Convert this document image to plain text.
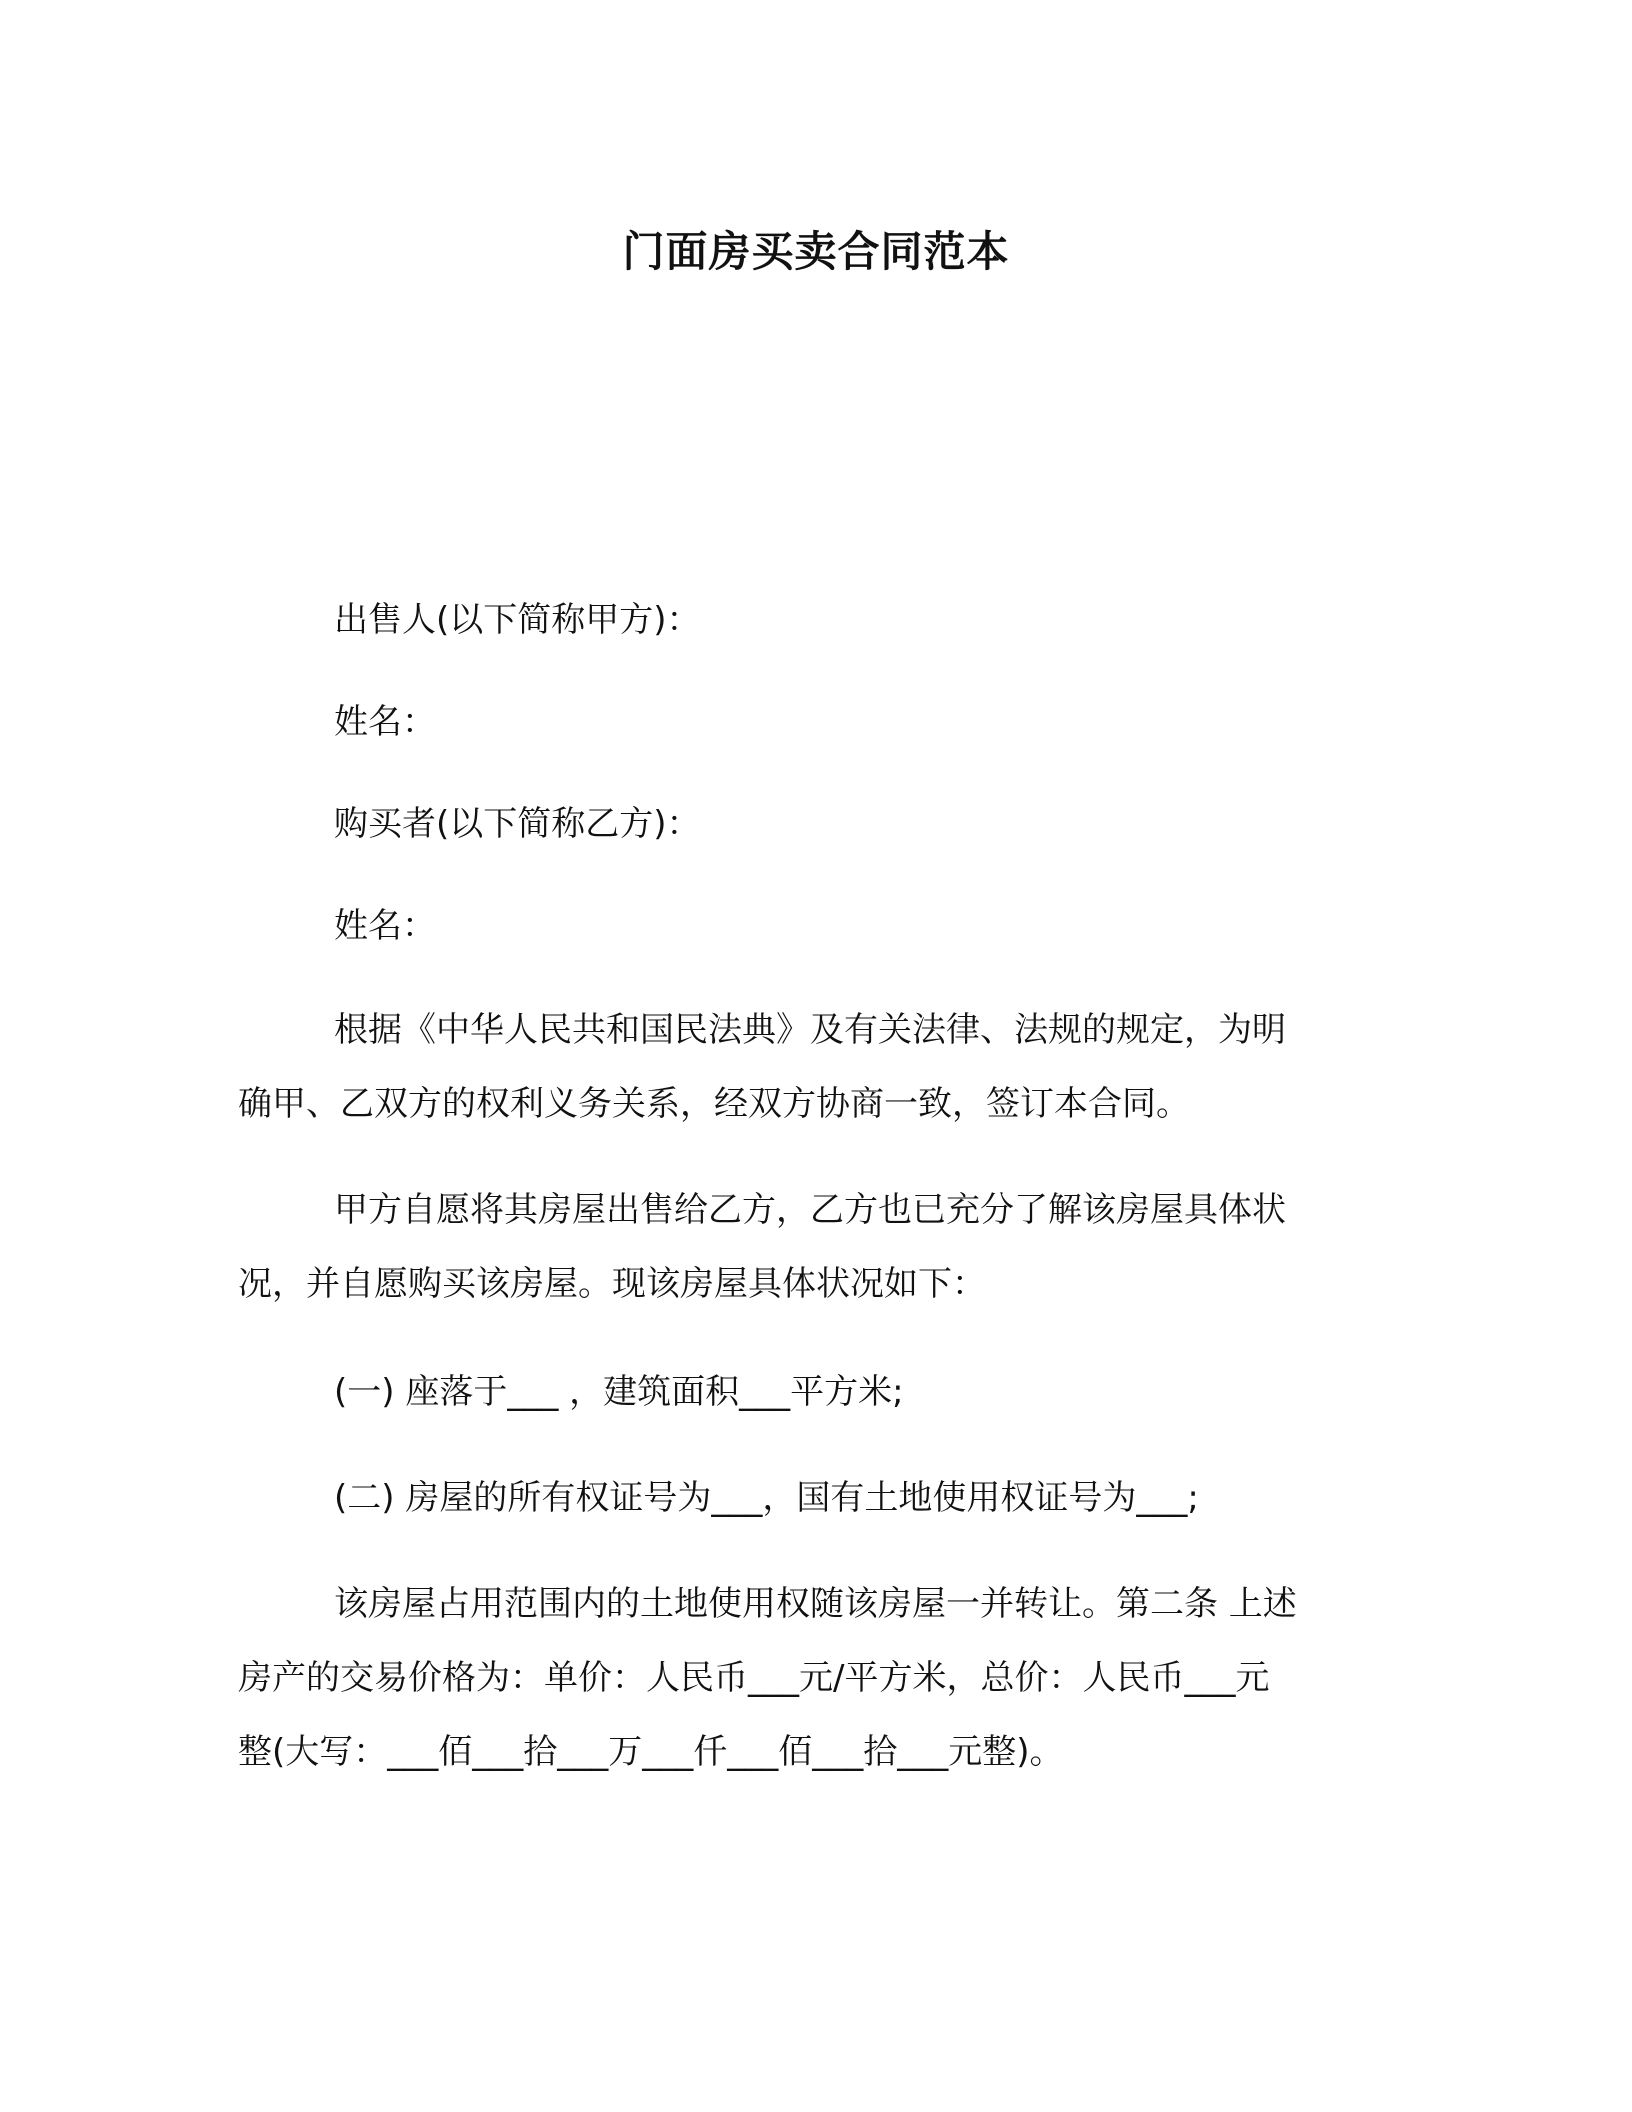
门面房买卖合同范本

出售人(以下简称甲方)：

姓名：

购买者(以下简称乙方)：

姓名：

根据《中华人民共和国民法典》及有关法律、法规的规定，为明

确甲、乙双方的权利义务关系，经双方协商一致，签订本合同。

甲方自愿将其房屋出售给乙方，乙方也已充分了解该房屋具体状

况，并自愿购买该房屋。现该房屋具体状况如下：

(一) 座落于___ ，建筑面积___平方米;

(二) 房屋的所有权证号为___，国有土地使用权证号为___;

该房屋占用范围内的土地使用权随该房屋一并转让。第二条 上述

房产的交易价格为：单价：人民币___元/平方米，总价：人民币___元

整(大写：___佰___拾___万___仟___佰___拾___元整)。
